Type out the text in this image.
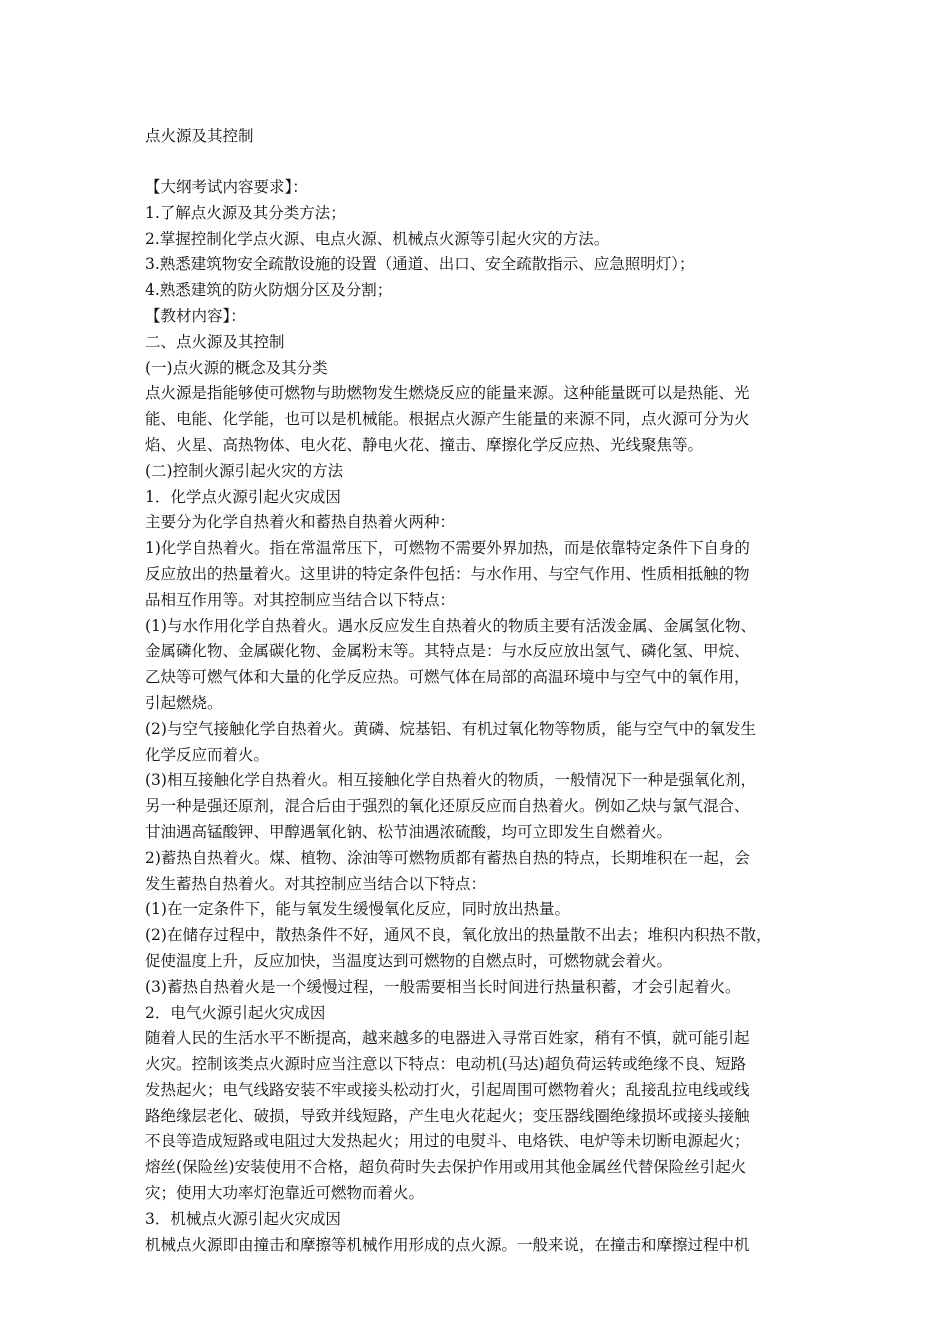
点火源及其控制

【大纲考试内容要求】：

1.了解点火源及其分类方法；

2.掌握控制化学点火源、电点火源、机械点火源等引起火灾的方法。

3.熟悉建筑物安全疏散设施的设置（通道、出口、安全疏散指示、应急照明灯）；

4.熟悉建筑的防火防烟分区及分割；

【教材内容】：

二、点火源及其控制

(一)点火源的概念及其分类

点火源是指能够使可燃物与助燃物发生燃烧反应的能量来源。这种能量既可以是热能、光

能、电能、化学能，也可以是机械能。根据点火源产生能量的来源不同，点火源可分为火

焰、火星、高热物体、电火花、静电火花、撞击、摩擦化学反应热、光线聚焦等。

(二)控制火源引起火灾的方法

1．化学点火源引起火灾成因

主要分为化学自热着火和蓄热自热着火两种：

1)化学自热着火。指在常温常压下，可燃物不需要外界加热，而是依靠特定条件下自身的

反应放出的热量着火。这里讲的特定条件包括：与水作用、与空气作用、性质相抵触的物

品相互作用等。对其控制应当结合以下特点：

(1)与水作用化学自热着火。遇水反应发生自热着火的物质主要有活泼金属、金属氢化物、

金属磷化物、金属碳化物、金属粉末等。其特点是：与水反应放出氢气、磷化氢、甲烷、

乙炔等可燃气体和大量的化学反应热。可燃气体在局部的高温环境中与空气中的氧作用，

引起燃烧。

(2)与空气接触化学自热着火。黄磷、烷基铝、有机过氧化物等物质，能与空气中的氧发生

化学反应而着火。

(3)相互接触化学自热着火。相互接触化学自热着火的物质，一般情况下一种是强氧化剂，

另一种是强还原剂，混合后由于强烈的氧化还原反应而自热着火。例如乙炔与氯气混合、

甘油遇高锰酸钾、甲醇遇氧化钠、松节油遇浓硫酸，均可立即发生自燃着火。

2)蓄热自热着火。煤、植物、涂油等可燃物质都有蓄热自热的特点，长期堆积在一起，会

发生蓄热自热着火。对其控制应当结合以下特点：

(1)在一定条件下，能与氧发生缓慢氧化反应，同时放出热量。

(2)在储存过程中，散热条件不好，通风不良，氧化放出的热量散不出去；堆积内积热不散，

促使温度上升，反应加快，当温度达到可燃物的自燃点时，可燃物就会着火。

(3)蓄热自热着火是一个缓慢过程，一般需要相当长时间进行热量积蓄，才会引起着火。

2．电气火源引起火灾成因

随着人民的生活水平不断提高，越来越多的电器进入寻常百姓家，稍有不慎，就可能引起

火灾。控制该类点火源时应当注意以下特点：电动机(马达)超负荷运转或绝缘不良、短路

发热起火；电气线路安装不牢或接头松动打火，引起周围可燃物着火；乱接乱拉电线或线

路绝缘层老化、破损，导致并线短路，产生电火花起火；变压器线圈绝缘损坏或接头接触

不良等造成短路或电阻过大发热起火；用过的电熨斗、电烙铁、电炉等未切断电源起火；

熔丝(保险丝)安装使用不合格，超负荷时失去保护作用或用其他金属丝代替保险丝引起火

灾；使用大功率灯泡靠近可燃物而着火。

3．机械点火源引起火灾成因

机械点火源即由撞击和摩擦等机械作用形成的点火源。一般来说，在撞击和摩擦过程中机
